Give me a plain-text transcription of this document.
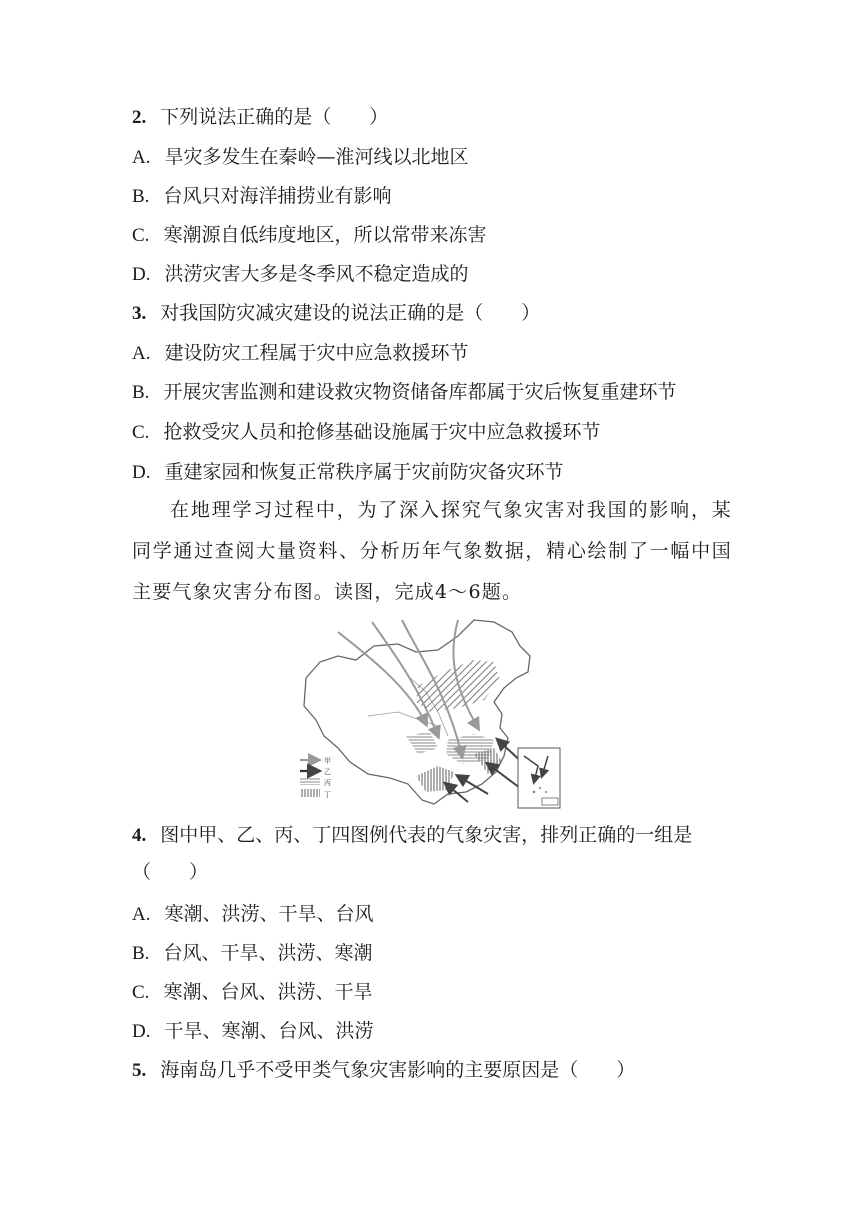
2. 下列说法正确的是（　　）
A. 旱灾多发生在秦岭—淮河线以北地区
B. 台风只对海洋捕捞业有影响
C. 寒潮源自低纬度地区，所以常带来冻害
D. 洪涝灾害大多是冬季风不稳定造成的
3. 对我国防灾减灾建设的说法正确的是（　　）
A. 建设防灾工程属于灾中应急救援环节
B. 开展灾害监测和建设救灾物资储备库都属于灾后恢复重建环节
C. 抢救受灾人员和抢修基础设施属于灾中应急救援环节
D. 重建家园和恢复正常秩序属于灾前防灾备灾环节
在地理学习过程中，为了深入探究气象灾害对我国的影响，某同学通过查阅大量资料、分析历年气象数据，精心绘制了一幅中国主要气象灾害分布图。读图，完成4～6题。
甲
乙
丙
丁
4. 图中甲、乙、丙、丁四图例代表的气象灾害，排列正确的一组是
（　　）
A. 寒潮、洪涝、干旱、台风
B. 台风、干旱、洪涝、寒潮
C. 寒潮、台风、洪涝、干旱
D. 干旱、寒潮、台风、洪涝
5. 海南岛几乎不受甲类气象灾害影响的主要原因是（　　）
